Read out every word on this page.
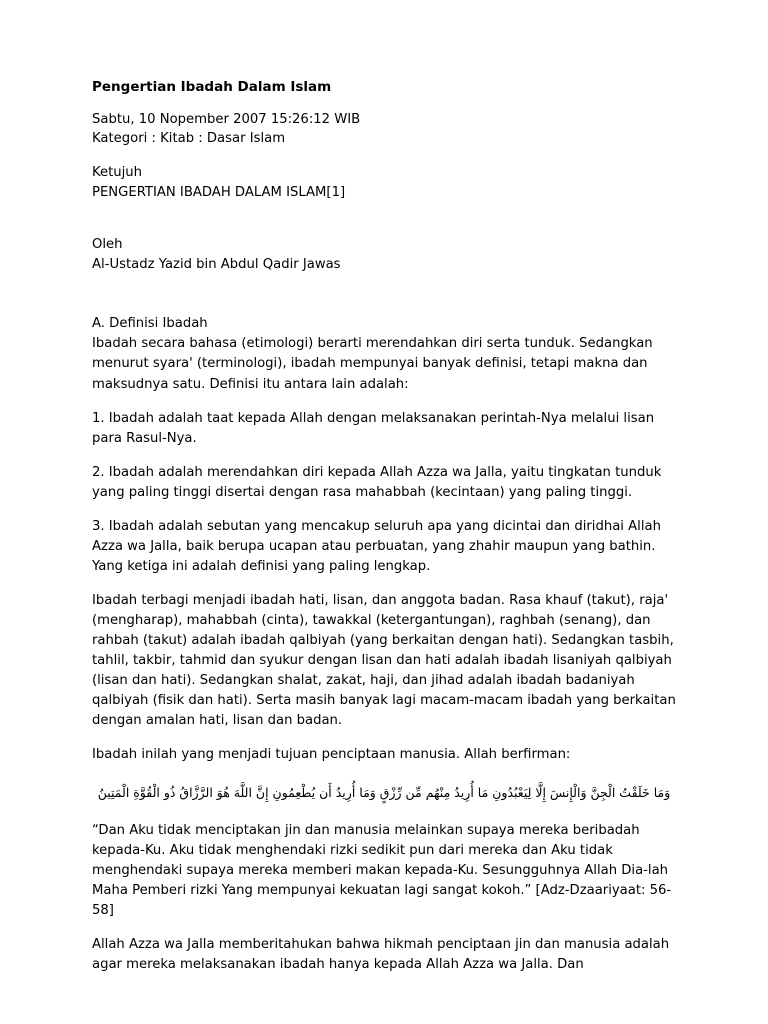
Pengertian Ibadah Dalam Islam
Sabtu, 10 Nopember 2007 15:26:12 WIB
Kategori : Kitab : Dasar Islam
Ketujuh
PENGERTIAN IBADAH DALAM ISLAM[1]
Oleh
Al-Ustadz Yazid bin Abdul Qadir Jawas
A. Definisi Ibadah
Ibadah secara bahasa (etimologi) berarti merendahkan diri serta tunduk. Sedangkan menurut syara' (terminologi), ibadah mempunyai banyak definisi, tetapi makna dan maksudnya satu. Definisi itu antara lain adalah:
1. Ibadah adalah taat kepada Allah dengan melaksanakan perintah-Nya melalui lisan para Rasul-Nya.
2. Ibadah adalah merendahkan diri kepada Allah Azza wa Jalla, yaitu tingkatan tunduk yang paling tinggi disertai dengan rasa mahabbah (kecintaan) yang paling tinggi.
3. Ibadah adalah sebutan yang mencakup seluruh apa yang dicintai dan diridhai Allah Azza wa Jalla, baik berupa ucapan atau perbuatan, yang zhahir maupun yang bathin. Yang ketiga ini adalah definisi yang paling lengkap.
Ibadah terbagi menjadi ibadah hati, lisan, dan anggota badan. Rasa khauf (takut), raja' (mengharap), mahabbah (cinta), tawakkal (ketergantungan), raghbah (senang), dan rahbah (takut) adalah ibadah qalbiyah (yang berkaitan dengan hati). Sedangkan tasbih, tahlil, takbir, tahmid dan syukur dengan lisan dan hati adalah ibadah lisaniyah qalbiyah (lisan dan hati). Sedangkan shalat, zakat, haji, dan jihad adalah ibadah badaniyah qalbiyah (fisik dan hati). Serta masih banyak lagi macam-macam ibadah yang berkaitan dengan amalan hati, lisan dan badan.
Ibadah inilah yang menjadi tujuan penciptaan manusia. Allah berfirman:
وَمَا خَلَقْتُ الْجِنَّ وَالْإِنسَ إِلَّا لِيَعْبُدُونِ مَا أُرِيدُ مِنْهُم مِّن رِّزْقٍ وَمَا أُرِيدُ أَن يُطْعِمُونِ إِنَّ اللَّهَ هُوَ الرَّزَّاقُ ذُو الْقُوَّةِ الْمَتِينُ
“Dan Aku tidak menciptakan jin dan manusia melainkan supaya mereka beribadah kepada-Ku. Aku tidak menghendaki rizki sedikit pun dari mereka dan Aku tidak menghendaki supaya mereka memberi makan kepada-Ku. Sesungguhnya Allah Dia-lah Maha Pemberi rizki Yang mempunyai kekuatan lagi sangat kokoh.” [Adz-Dzaariyaat: 56-58]
Allah Azza wa Jalla memberitahukan bahwa hikmah penciptaan jin dan manusia adalah agar mereka melaksanakan ibadah hanya kepada Allah Azza wa Jalla. Dan
